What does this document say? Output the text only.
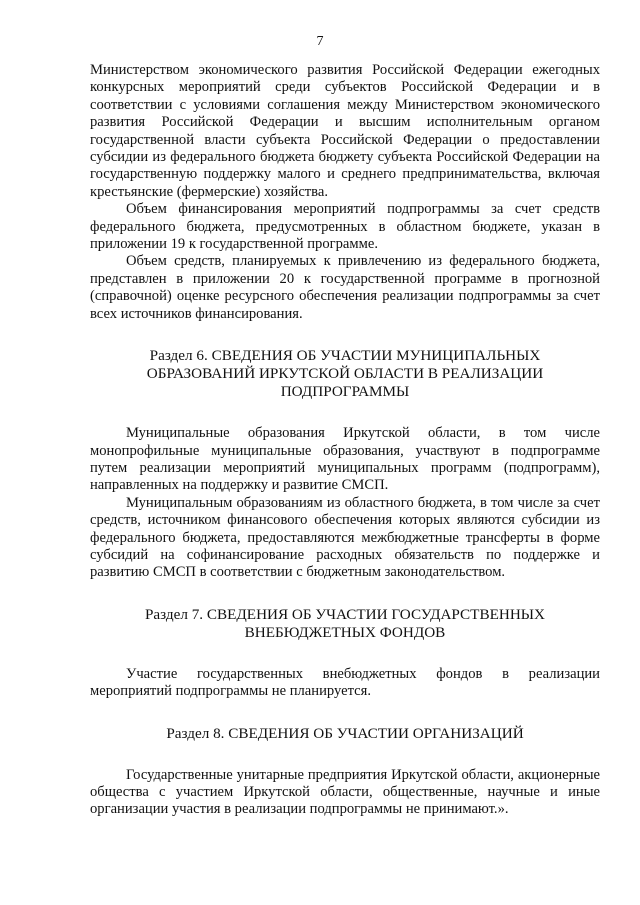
7

Министерством экономического развития Российской Федерации ежегодных конкурсных мероприятий среди субъектов Российской Федерации и в соответствии с условиями соглашения между Министерством экономического развития Российской Федерации и высшим исполнительным органом государственной власти субъекта Российской Федерации о предоставлении субсидии из федерального бюджета бюджету субъекта Российской Федерации на государственную поддержку малого и среднего предпринимательства, включая крестьянские (фермерские) хозяйства.

Объем финансирования мероприятий подпрограммы за счет средств федерального бюджета, предусмотренных в областном бюджете, указан в приложении 19 к государственной программе.

Объем средств, планируемых к привлечению из федерального бюджета, представлен в приложении 20 к государственной программе в прогнозной (справочной) оценке ресурсного обеспечения реализации подпрограммы за счет всех источников финансирования.

Раздел 6. СВЕДЕНИЯ ОБ УЧАСТИИ МУНИЦИПАЛЬНЫХ ОБРАЗОВАНИЙ ИРКУТСКОЙ ОБЛАСТИ В РЕАЛИЗАЦИИ ПОДПРОГРАММЫ

Муниципальные образования Иркутской области, в том числе монопрофильные муниципальные образования, участвуют в подпрограмме путем реализации мероприятий муниципальных программ (подпрограмм), направленных на поддержку и развитие СМСП.

Муниципальным образованиям из областного бюджета, в том числе за счет средств, источником финансового обеспечения которых являются субсидии из федерального бюджета, предоставляются межбюджетные трансферты в форме субсидий на софинансирование расходных обязательств по поддержке и развитию СМСП в соответствии с бюджетным законодательством.

Раздел 7. СВЕДЕНИЯ ОБ УЧАСТИИ ГОСУДАРСТВЕННЫХ ВНЕБЮДЖЕТНЫХ ФОНДОВ

Участие государственных внебюджетных фондов в реализации мероприятий подпрограммы не планируется.

Раздел 8. СВЕДЕНИЯ ОБ УЧАСТИИ ОРГАНИЗАЦИЙ

Государственные унитарные предприятия Иркутской области, акционерные общества с участием Иркутской области, общественные, научные и иные организации участия в реализации подпрограммы не принимают.».
